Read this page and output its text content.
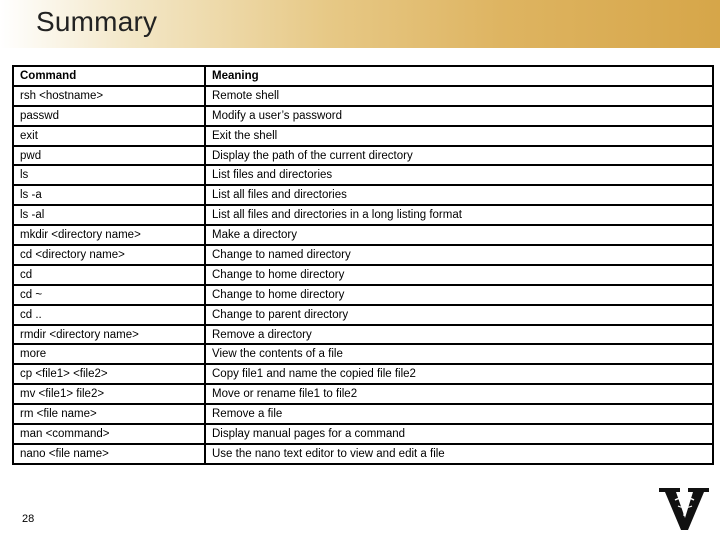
Summary
Command	Meaning
rsh <hostname>	Remote shell
passwd	Modify a user’s password
exit	Exit the shell
pwd	Display the path of the current directory
ls	List files and directories
ls -a	List all files and directories
ls -al	List all files and directories in a long listing format
mkdir <directory name>	Make a directory
cd <directory name>	Change to named directory
cd	Change to home directory
cd ~	Change to home directory
cd ..	Change to parent directory
rmdir <directory name>	Remove a directory
more	View the contents of a file
cp <file1> <file2>	Copy file1 and name the copied file file2
mv <file1> file2>	Move or rename file1 to file2
rm <file name>	Remove a file
man <command>	Display manual pages for a command
nano <file name>	Use the nano text editor to view and edit a file
28
